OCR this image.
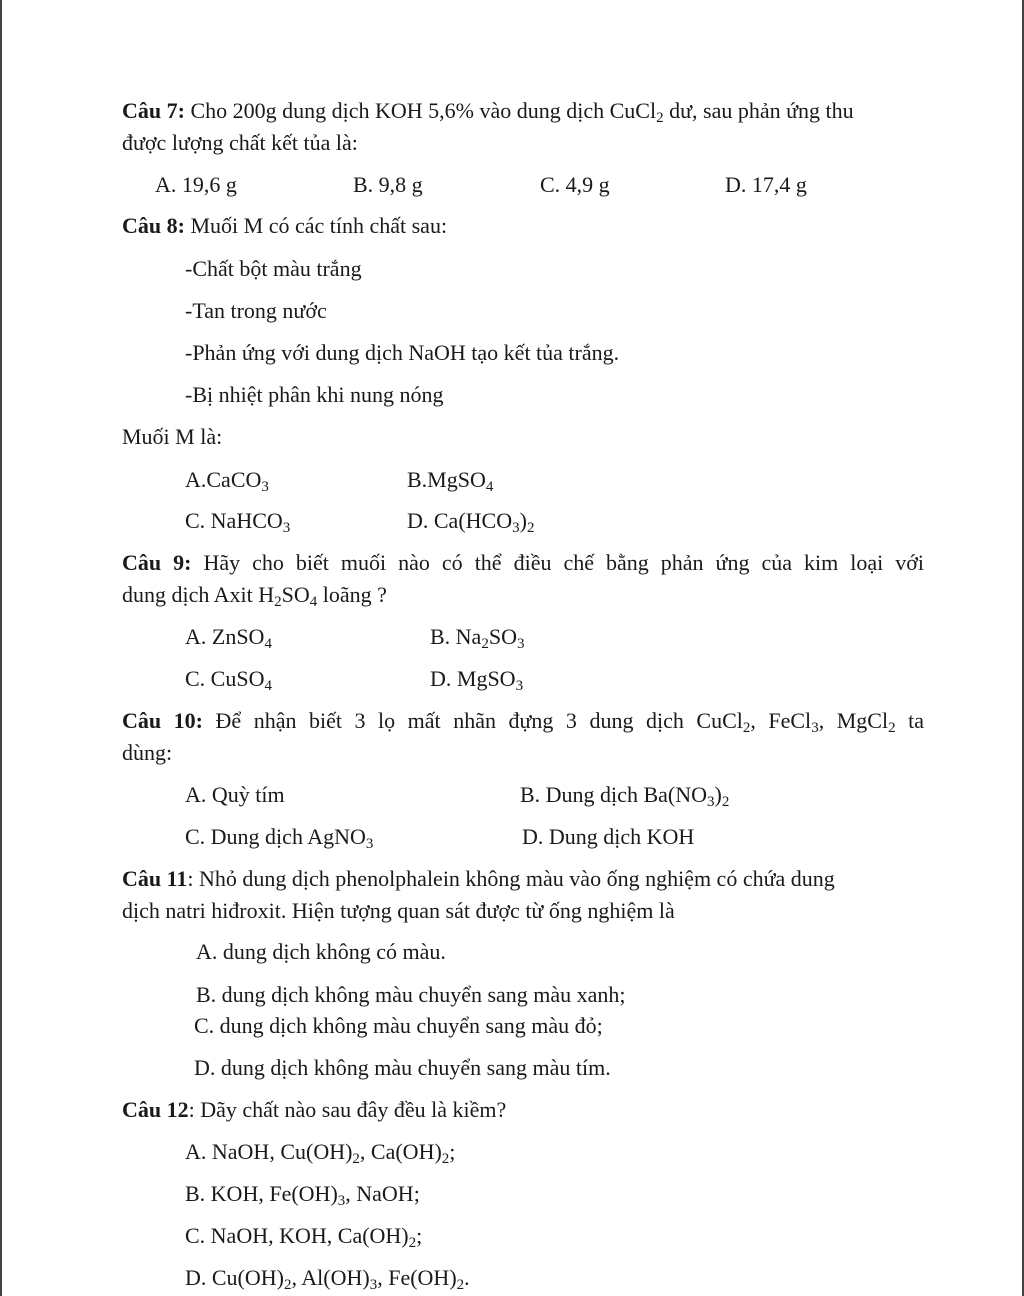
Câu 7: Cho 200g dung dịch KOH 5,6% vào dung dịch CuCl$_2$ dư, sau phản ứng thu
được lượng chất kết tủa là:
A. 19,6 g	B. 9,8 g	C. 4,9 g	D. 17,4 g
Câu 8: Muối M có các tính chất sau:
-Chất bột màu trắng
-Tan trong nước
-Phản ứng với dung dịch NaOH tạo kết tủa trắng.
-Bị nhiệt phân khi nung nóng
Muối M là:
A.CaCO$_3$	B.MgSO$_4$
C. NaHCO$_3$	D. $Ca(HCO_3)_2$
Câu 9: Hãy cho biết muối nào có thể điều chế bằng phản ứng của kim loại với
dung dịch Axit $H_2SO_4$ loãng ?
A. ZnSO$_4$	B. $Na_2SO_3$
C. CuSO$_4$	D. MgSO$_3$
Câu 10: Để nhận biết 3 lọ mất nhãn đựng 3 dung dịch CuCl$_2$, FeCl$_3$, MgCl$_2$ ta
dùng:
A. Quỳ tím	B. Dung dịch $Ba(NO_3)_2$
C. Dung dịch AgNO$_3$	D. Dung dịch KOH
Câu 11: Nhỏ dung dịch phenolphalein không màu vào ống nghiệm có chứa dung
dịch natri hiđroxit. Hiện tượng quan sát được từ ống nghiệm là
A. dung dịch không có màu.
B. dung dịch không màu chuyển sang màu xanh;
C. dung dịch không màu chuyển sang màu đỏ;
D. dung dịch không màu chuyển sang màu tím.
Câu 12: Dãy chất nào sau đây đều là kiềm?
A. NaOH, $Cu(OH)_2$, $Ca(OH)_2$;
B. KOH, $Fe(OH)_3$, NaOH;
C. NaOH, KOH, $Ca(OH)_2$;
D. $Cu(OH)_2$, $Al(OH)_3$, $Fe(OH)_2$.
